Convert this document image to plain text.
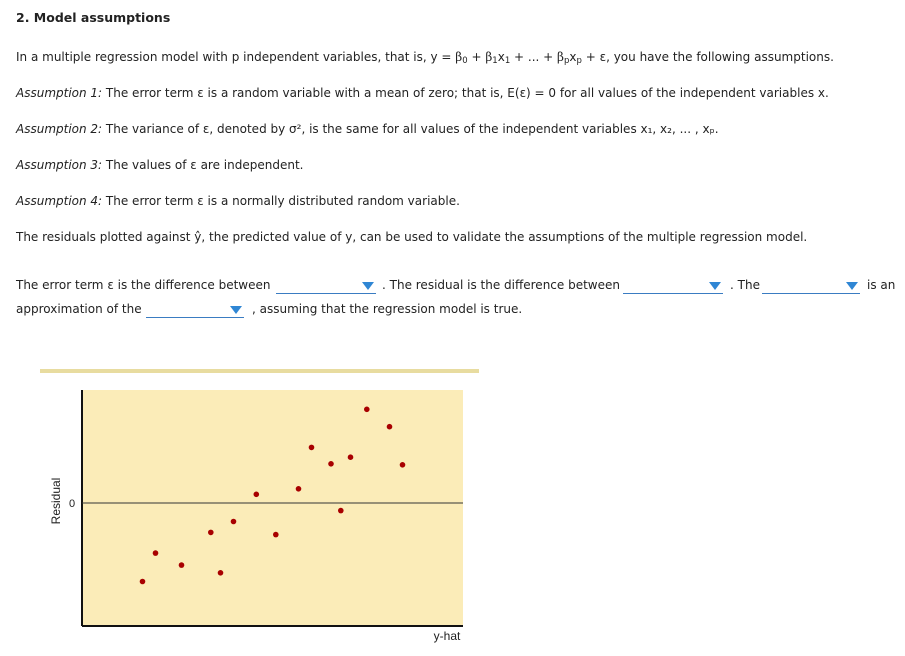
2. Model assumptions
In a multiple regression model with p independent variables, that is, $y = \beta_0 + \beta_1x_1$ + ... + $\beta_px_p + \varepsilon$, you have the following assumptions.
Assumption 1: The error term ε is a random variable with a mean of zero; that is, E(ε) = 0 for all values of the independent variables x.
Assumption 2: The variance of ε, denoted by σ², is the same for all values of the independent variables x₁, x₂, ... , xₚ.
Assumption 3: The values of ε are independent.
Assumption 4: The error term ε is a normally distributed random variable.
The residuals plotted against ŷ, the predicted value of y, can be used to validate the assumptions of the multiple regression model.
The error term ε is the difference between	. The residual is the difference between	. The	is an
approximation of the	, assuming that the regression model is true.
0
Residual
y-hat
